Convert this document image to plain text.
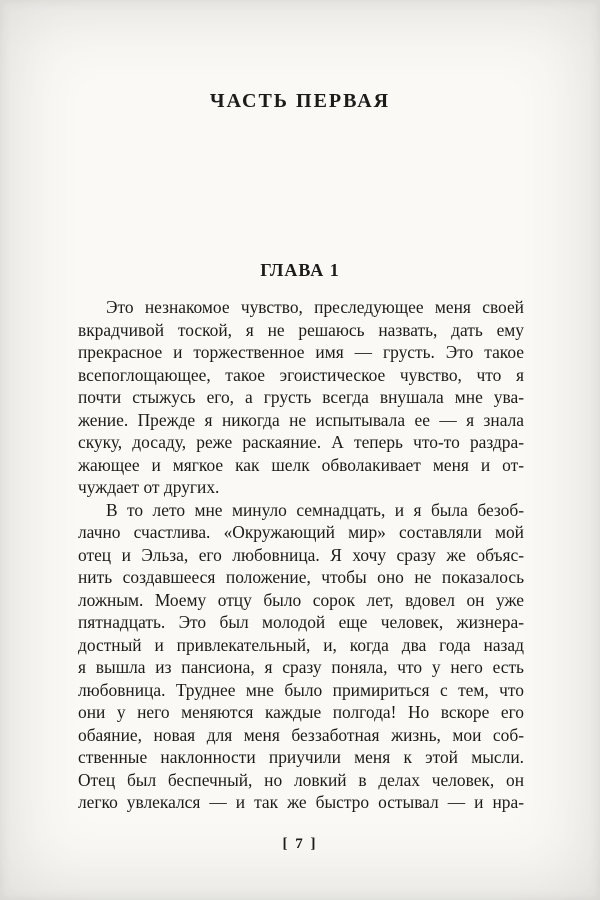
ЧАСТЬ ПЕРВАЯ
ГЛАВА 1
Это незнакомое чувство, преследующее меня своей
вкрадчивой тоской, я не решаюсь назвать, дать ему
прекрасное и торжественное имя — грусть. Это такое
всепоглощающее, такое эгоистическое чувство, что я
почти стыжусь его, а грусть всегда внушала мне ува-
жение. Прежде я никогда не испытывала ее — я знала
скуку, досаду, реже раскаяние. А теперь что-то раздра-
жающее и мягкое как шелк обволакивает меня и от-
чуждает от других.
В то лето мне минуло семнадцать, и я была безоб-
лачно счастлива. «Окружающий мир» составляли мой
отец и Эльза, его любовница. Я хочу сразу же объяс-
нить создавшееся положение, чтобы оно не показалось
ложным. Моему отцу было сорок лет, вдовел он уже
пятнадцать. Это был молодой еще человек, жизнера-
достный и привлекательный, и, когда два года назад
я вышла из пансиона, я сразу поняла, что у него есть
любовница. Труднее мне было примириться с тем, что
они у него меняются каждые полгода! Но вскоре его
обаяние, новая для меня беззаботная жизнь, мои соб-
ственные наклонности приучили меня к этой мысли.
Отец был беспечный, но ловкий в делах человек, он
легко увлекался — и так же быстро остывал — и нра-
[ 7 ]
